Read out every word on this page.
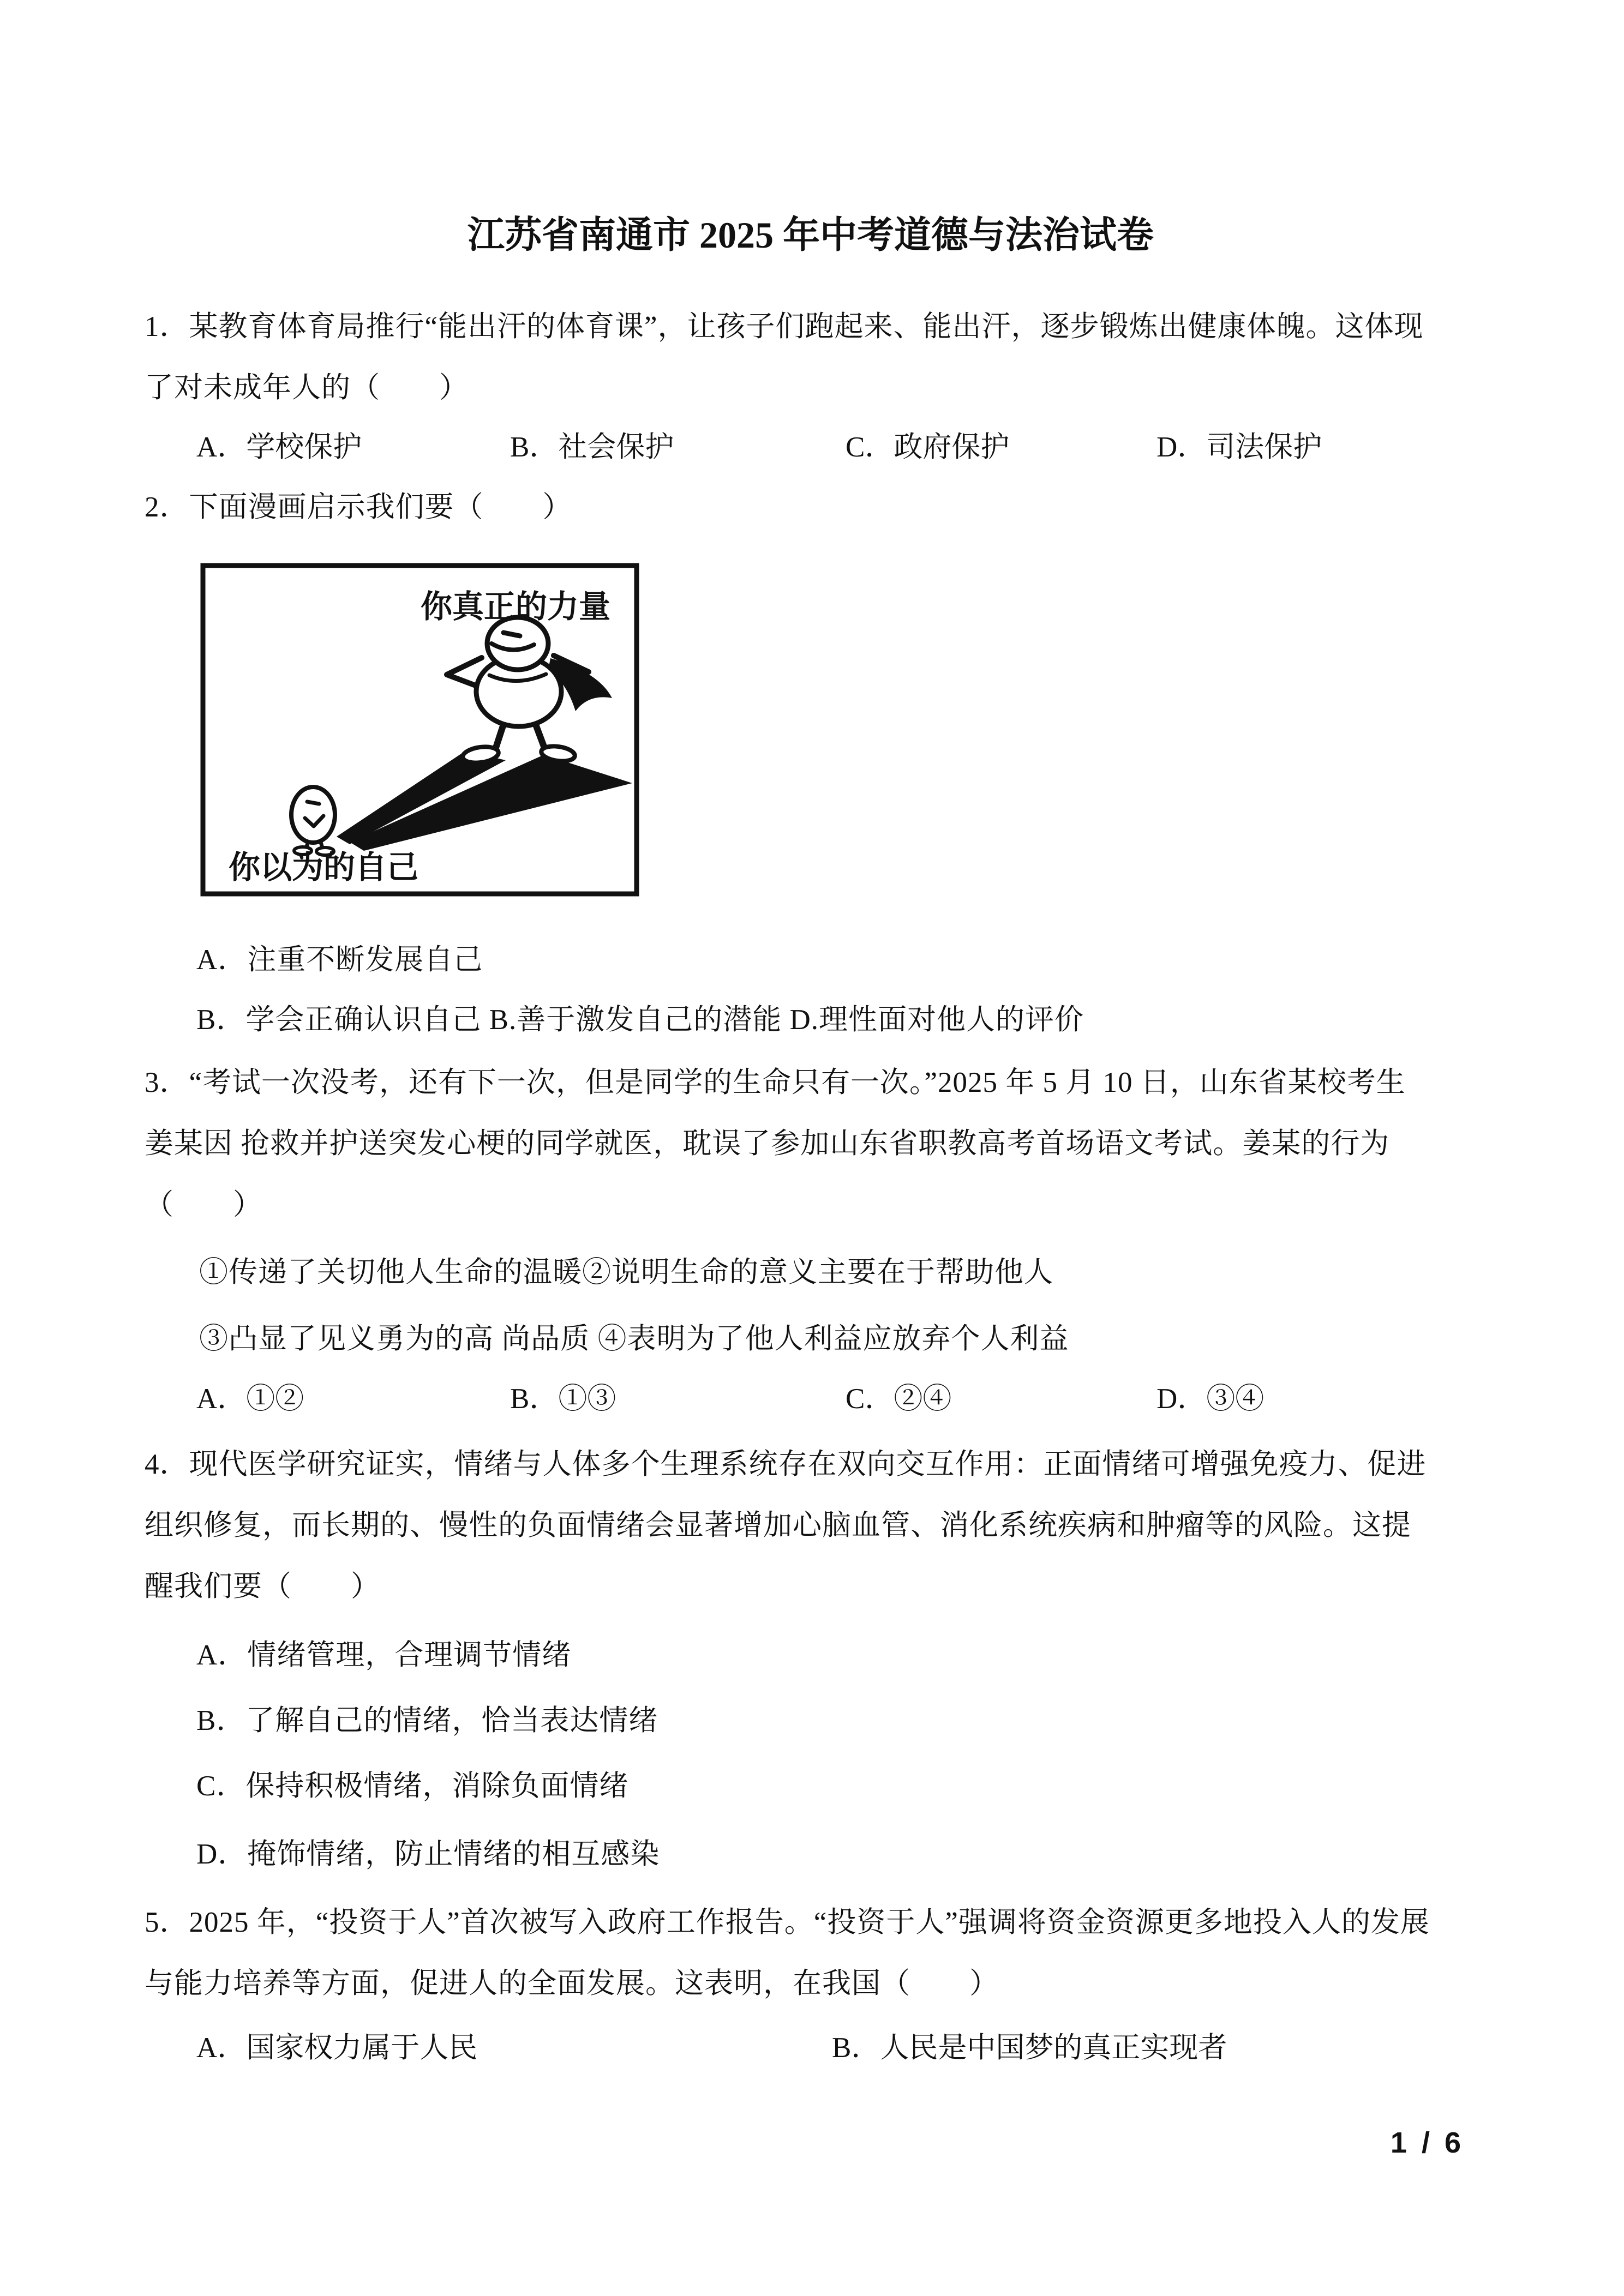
江苏省南通市 2025 年中考道德与法治试卷
1．某教育体育局推行“能出汗的体育课”，让孩子们跑起来、能出汗，逐步锻炼出健康体魄。这体现
了对未成年人的（　　）
A．学校保护	B．社会保护	C．政府保护	D．司法保护
2．下面漫画启示我们要（　　）
你真正的力量
你以为的自己
A．注重不断发展自己
B．学会正确认识自己 B.善于激发自己的潜能 D.理性面对他人的评价
3．“考试一次没考，还有下一次，但是同学的生命只有一次。”2025 年 5 月 10 日，山东省某校考生
姜某因 抢救并护送突发心梗的同学就医，耽误了参加山东省职教高考首场语文考试。姜某的行为
（　　）
①传递了关切他人生命的温暖②说明生命的意义主要在于帮助他人
③凸显了见义勇为的高 尚品质 ④表明为了他人利益应放弃个人利益
A．①②	B．①③	C．②④	D．③④
4．现代医学研究证实，情绪与人体多个生理系统存在双向交互作用：正面情绪可增强免疫力、促进
组织修复，而长期的、慢性的负面情绪会显著增加心脑血管、消化系统疾病和肿瘤等的风险。这提
醒我们要（　　）
A．情绪管理，合理调节情绪
B．了解自己的情绪，恰当表达情绪
C．保持积极情绪，消除负面情绪
D．掩饰情绪，防止情绪的相互感染
5．2025 年，“投资于人”首次被写入政府工作报告。“投资于人”强调将资金资源更多地投入人的发展
与能力培养等方面，促进人的全面发展。这表明，在我国（　　）
A．国家权力属于人民	B．人民是中国梦的真正实现者
1 / 6
